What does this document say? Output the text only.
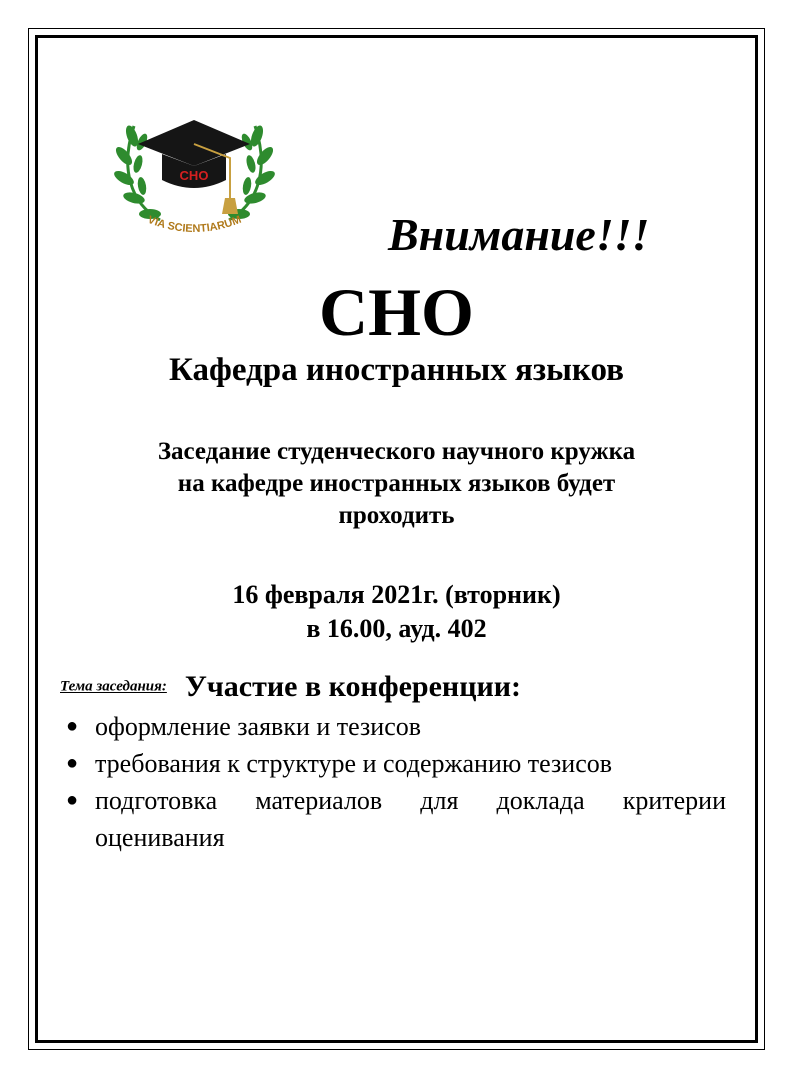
СНО
VIA SCIENTIARUM	Внимание!!!
СНО
Кафедра иностранных языков
Заседание студенческого научного кружка
на кафедре иностранных языков будет
проходить
16 февраля 2021г. (вторник)
в 16.00, ауд. 402
Тема заседания: Участие в конференции:
● оформление заявки и тезисов
● требования к структуре и содержанию тезисов
● подготовка материалов для доклада критерии оценивания
